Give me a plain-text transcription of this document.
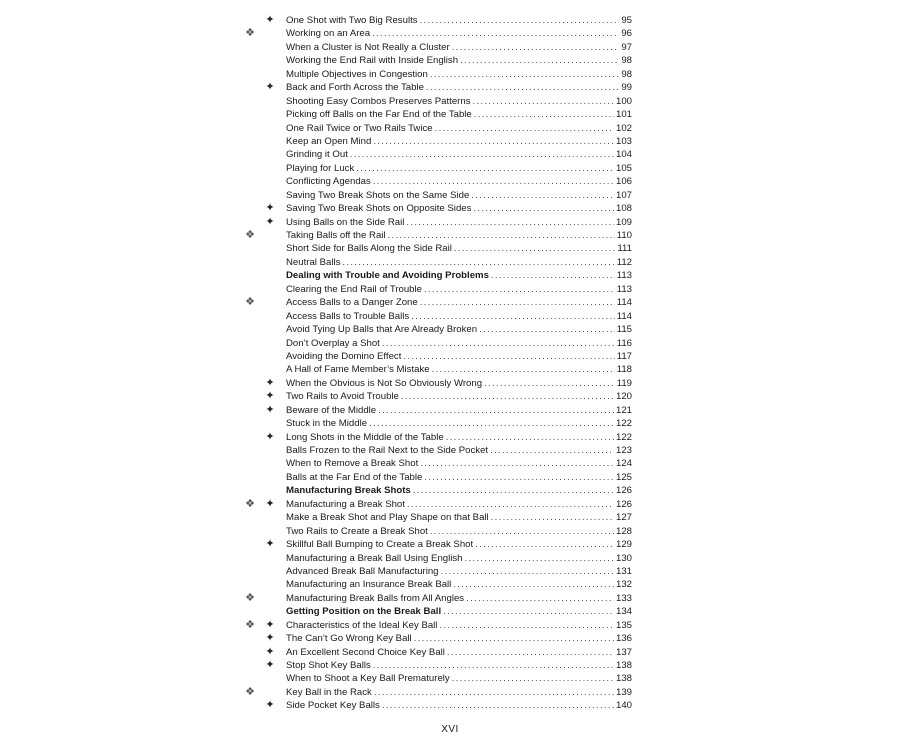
✦ One Shot with Two Big Results .....	95
❖	Working on an Area .....	96
When a Cluster is Not Really a Cluster .....	97
Working the End Rail with Inside English .....	98
Multiple Objectives in Congestion .....	98
✦ Back and Forth Across the Table .....	99
Shooting Easy Combos Preserves Patterns .....	100
Picking off Balls on the Far End of the Table .....	101
One Rail Twice or Two Rails Twice .....	102
Keep an Open Mind .....	103
Grinding it Out .....	104
Playing for Luck .....	105
Conflicting Agendas .....	106
Saving Two Break Shots on the Same Side .....	107
✦ Saving Two Break Shots on Opposite Sides .....	108
✦ Using Balls on the Side Rail .....	109
❖	Taking Balls off the Rail .....	110
Short Side for Balls Along the Side Rail .....	111
Neutral Balls .....	112
Dealing with Trouble and Avoiding Problems .....	113
Clearing the End Rail of Trouble .....	113
❖	Access Balls to a Danger Zone .....	114
Access Balls to Trouble Balls .....	114
Avoid Tying Up Balls that Are Already Broken .....	115
Don’t Overplay a Shot .....	116
Avoiding the Domino Effect .....	117
A Hall of Fame Member’s Mistake .....	118
✦ When the Obvious is Not So Obviously Wrong .....	119
✦ Two Rails to Avoid Trouble .....	120
✦ Beware of the Middle .....	121
Stuck in the Middle .....	122
✦ Long Shots in the Middle of the Table .....	122
Balls Frozen to the Rail Next to the Side Pocket .....	123
When to Remove a Break Shot .....	124
Balls at the Far End of the Table .....	125
Manufacturing Break Shots .....	126
❖ ✦ Manufacturing a Break Shot .....	126
Make a Break Shot and Play Shape on that Ball .....	127
Two Rails to Create a Break Shot .....	128
✦ Skillful Ball Bumping to Create a Break Shot .....	129
Manufacturing a Break Ball Using English .....	130
Advanced Break Ball Manufacturing .....	131
Manufacturing an Insurance Break Ball .....	132
❖	Manufacturing Break Balls from All Angles .....	133
Getting Position on the Break Ball .....	134
❖ ✦ Characteristics of the Ideal Key Ball .....	135
✦ The Can’t Go Wrong Key Ball .....	136
✦ An Excellent Second Choice Key Ball .....	137
✦ Stop Shot Key Balls .....	138
When to Shoot a Key Ball Prematurely .....	138
❖	Key Ball in the Rack .....	139
✦ Side Pocket Key Balls .....	140
XVI
